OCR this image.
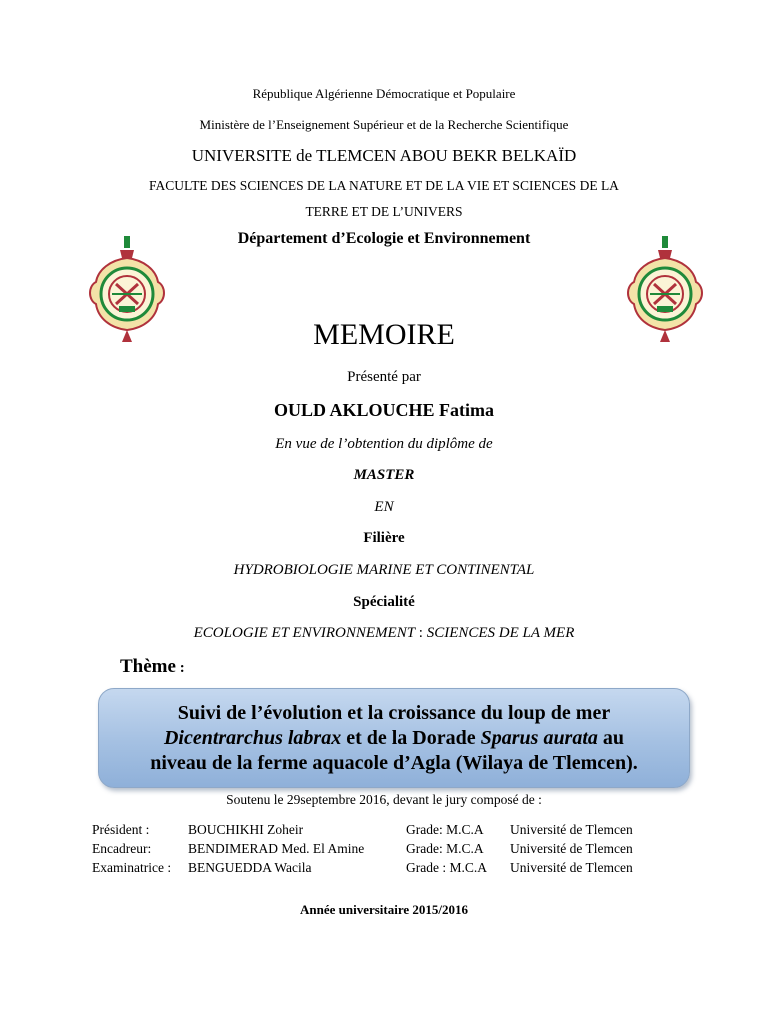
République Algérienne Démocratique et Populaire
Ministère de l’Enseignement Supérieur et de la Recherche Scientifique
UNIVERSITE de TLEMCEN ABOU BEKR BELKAÏD
FACULTE DES SCIENCES DE LA NATURE ET DE LA VIE ET SCIENCES DE LA
TERRE ET DE L’UNIVERS
Département d’Ecologie et Environnement
MEMOIRE
Présenté par
OULD AKLOUCHE Fatima
En vue de l’obtention du diplôme de
MASTER
EN
Filière
HYDROBIOLOGIE MARINE ET CONTINENTAL
Spécialité
ECOLOGIE ET ENVIRONNEMENT : SCIENCES DE LA MER
Thème :
Suivi de l’évolution et la croissance du loup de mer
Dicentrarchus labrax et de la Dorade Sparus aurata au
niveau de la ferme aquacole d’Agla (Wilaya de Tlemcen).
Soutenu le 29septembre 2016, devant le jury composé de :
Président :	BOUCHIKHI Zoheir	Grade: M.C.A Université de Tlemcen
Encadreur:	BENDIMERAD Med. El Amine	Grade: M.C.A Université de Tlemcen
Examinatrice : BENGUEDDA Wacila	Grade : M.C.A Université de Tlemcen
Année universitaire 2015/2016
